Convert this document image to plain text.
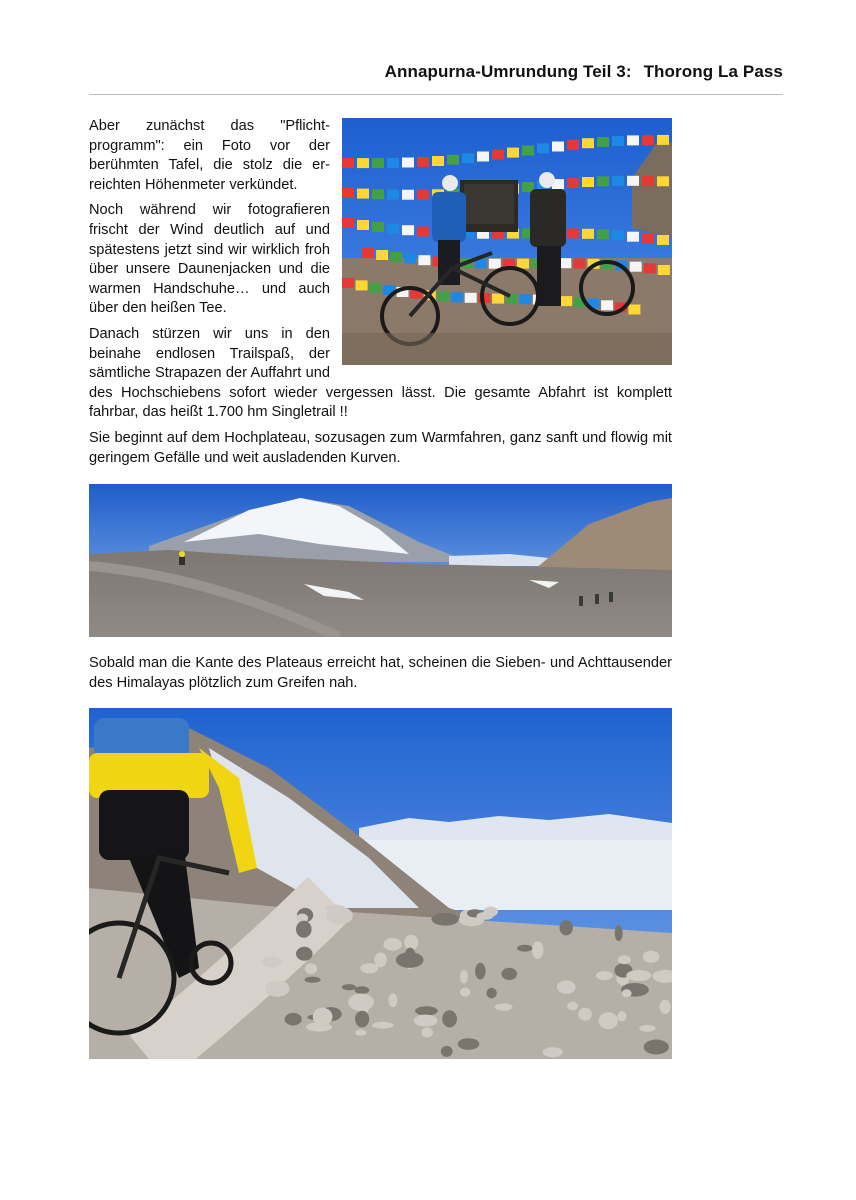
Annapurna-Umrundung Teil 3: Thorong La Pass

Aber zunächst das "Pflichtprogramm": ein Foto vor der berühmten Tafel, die stolz die erreichten Höhenmeter verkündet.

Noch während wir fotografieren frischt der Wind deutlich auf und spätestens jetzt sind wir wirklich froh über unsere Daunenjacken und die warmen Handschuhe… und auch über den heißen Tee.

Danach stürzen wir uns in den beinahe endlosen Trailspaß, der sämtliche Strapazen der Auffahrt und des Hochschiebens sofort wieder vergessen lässt. Die gesamte Abfahrt ist komplett fahrbar, das heißt 1.700 hm Singletrail !!

Sie beginnt auf dem Hochplateau, sozusagen zum Warmfahren, ganz sanft und flowig mit geringem Gefälle und weit ausladenden Kurven.

Sobald man die Kante des Plateaus erreicht hat, scheinen die Sieben- und Achttausender des Himalayas plötzlich zum Greifen nah.
